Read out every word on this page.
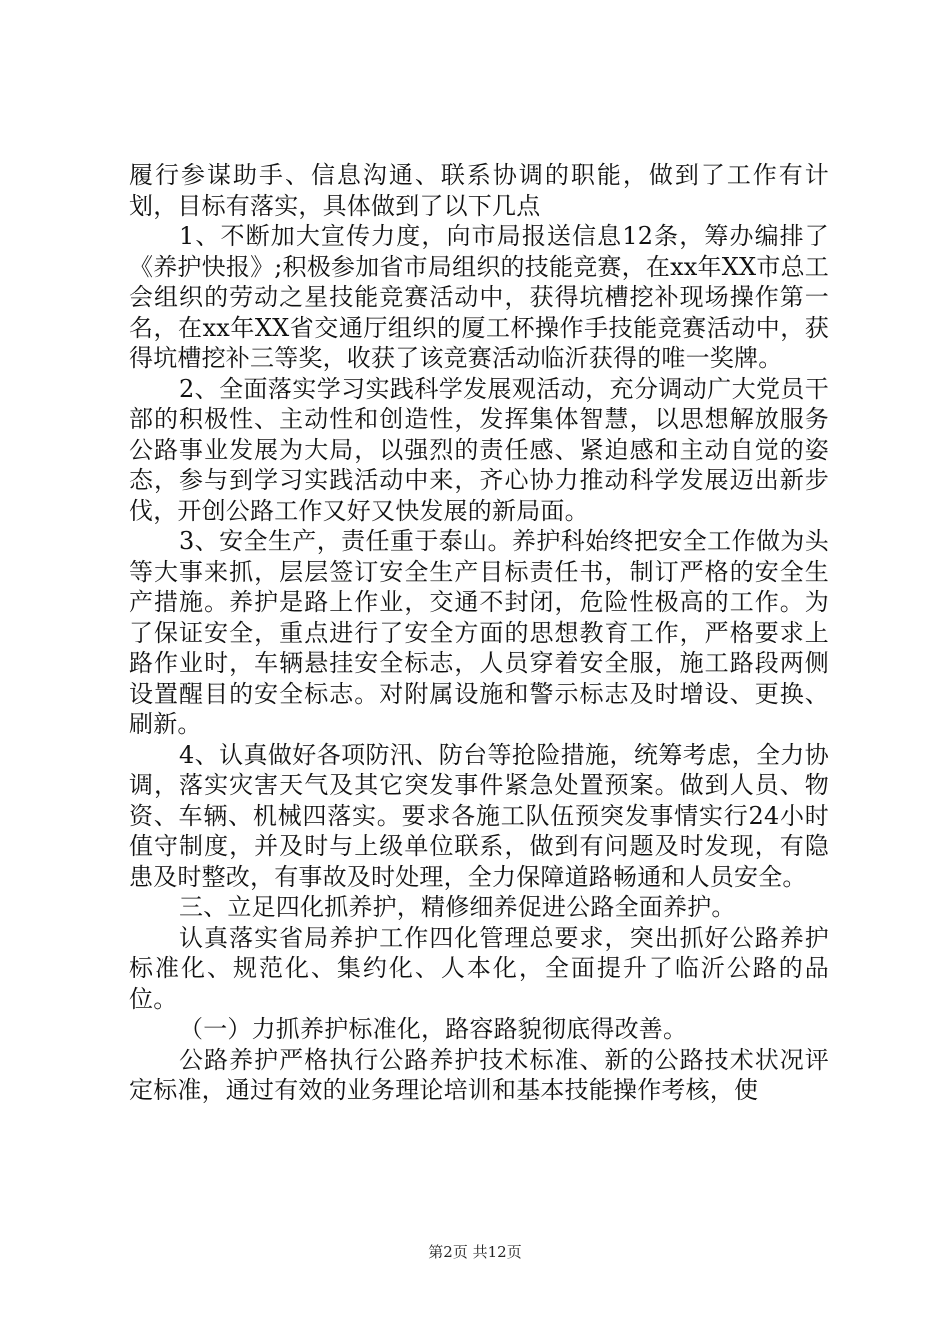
履行参谋助手、信息沟通、联系协调的职能，做到了工作有计划，目标有落实，具体做到了以下几点

1、不断加大宣传力度，向市局报送信息12条，筹办编排了《养护快报》;积极参加省市局组织的技能竞赛，在xx年XX市总工会组织的劳动之星技能竞赛活动中，获得坑槽挖补现场操作第一名，在xx年XX省交通厅组织的厦工杯操作手技能竞赛活动中，获得坑槽挖补三等奖，收获了该竞赛活动临沂获得的唯一奖牌。

2、全面落实学习实践科学发展观活动，充分调动广大党员干部的积极性、主动性和创造性，发挥集体智慧，以思想解放服务公路事业发展为大局，以强烈的责任感、紧迫感和主动自觉的姿态，参与到学习实践活动中来，齐心协力推动科学发展迈出新步伐，开创公路工作又好又快发展的新局面。

3、安全生产，责任重于泰山。养护科始终把安全工作做为头等大事来抓，层层签订安全生产目标责任书，制订严格的安全生产措施。养护是路上作业，交通不封闭，危险性极高的工作。为了保证安全，重点进行了安全方面的思想教育工作，严格要求上路作业时，车辆悬挂安全标志，人员穿着安全服，施工路段两侧设置醒目的安全标志。对附属设施和警示标志及时增设、更换、刷新。

4、认真做好各项防汛、防台等抢险措施，统筹考虑，全力协调，落实灾害天气及其它突发事件紧急处置预案。做到人员、物资、车辆、机械四落实。要求各施工队伍预突发事情实行24小时值守制度，并及时与上级单位联系，做到有问题及时发现，有隐患及时整改，有事故及时处理，全力保障道路畅通和人员安全。

三、立足四化抓养护，精修细养促进公路全面养护。

认真落实省局养护工作四化管理总要求，突出抓好公路养护标准化、规范化、集约化、人本化，全面提升了临沂公路的品位。

（一）力抓养护标准化，路容路貌彻底得改善。

公路养护严格执行公路养护技术标准、新的公路技术状况评定标准，通过有效的业务理论培训和基本技能操作考核，使

第2页 共12页
